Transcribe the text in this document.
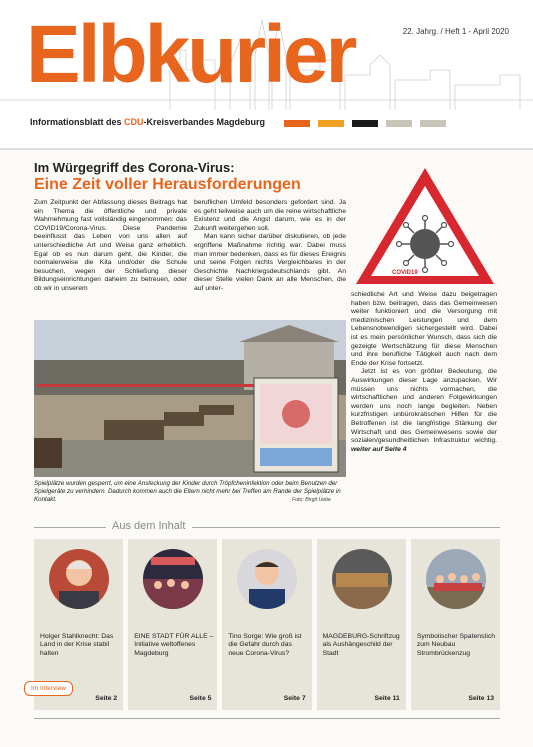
Elbkurier	22. Jahrg. / Heft 1 - April 2020
Informationsblatt des CDU-Kreisverbandes Magdeburg
Im Würgegriff des Corona-Virus:
Eine Zeit voller Herausforderungen

Zum Zeitpunkt der Abfassung dieses Beitrags hat ein Thema die öffentliche und private Wahrnehmung fast vollständig eingenommen: das COVID19/Corona-Virus. Diese Pandemie beeinflusst das Leben von uns allen auf unterschiedliche Art und Weise ganz erheblich. Egal ob es nun darum geht, die Kinder, die normalerweise die Kita und/oder die Schule besuchen, wegen der Schließung dieser Bildungseinrichtungen daheim zu betreuen, oder ob wir in unserem

beruflichen Umfeld besonders gefordert sind. Ja es geht teilweise auch um die reine wirtschaftliche Existenz und die Angst darum, wie es in der Zukunft weitergehen soll.

Man kann sicher darüber diskutieren, ob jede ergriffene Maßnahme richtig war. Dabei muss man immer bedenken, dass es für dieses Ereignis und seine Folgen nichts Vergleichbares in der Geschichte Nachkriegsdeutschlands gibt. An dieser Stelle vielen Dank an alle Menschen, die auf unter-

schiedliche Art und Weise dazu beigetragen haben bzw. beitragen, dass das Gemeinwesen weiter funktioniert und die Versorgung mit medizinischen Leistungen und dem Lebensnotwendigen sichergestellt wird. Dabei ist es mein persönlicher Wunsch, dass sich die gezeigte Wertschätzung für diese Menschen und ihre berufliche Tätigkeit auch nach dem Ende der Krise fortsetzt.

Jetzt ist es von größter Bedeutung, die Auswirkungen dieser Lage anzupacken. Wir müssen uns nichts vormachen, die wirtschaftlichen und anderen Folgewirkungen werden uns noch lange begleiten. Neben kurzfristigen unbürokratischen Hilfen für die Betroffenen ist die langfristige Stärkung der Wirtschaft und des Gemeinwesens sowie der sozialen/gesundheitlichen Infrastruktur wichtig. weiter auf Seite 4

COVID19
Spielplätze wurden gesperrt, um eine Ansteckung der Kinder durch Tröpfcheninfektion oder beim Benutzen der Spielgeräte zu verhindern. Dadurch kommen auch die Eltern nicht mehr bei Treffen am Rande der Spielplätze in Kontakt.	Foto: Birgit Uebe
Aus dem Inhalt
Holger Stahlknecht: Das Land in der Krise stabil halten
Im Interview
Seite 2
EINE STADT FÜR ALLE – Initiative weltoffenes Magdeburg
Seite 5
Tino Sorge: Wie groß ist die Gefahr durch das neue Corona-Virus?
Seite 7
MAGDEBURG-Schriftzug als Aushängeschild der Stadt
Seite 11
Symbolischer Spatenstich zum Neubau Strombrückenzug
Seite 13
